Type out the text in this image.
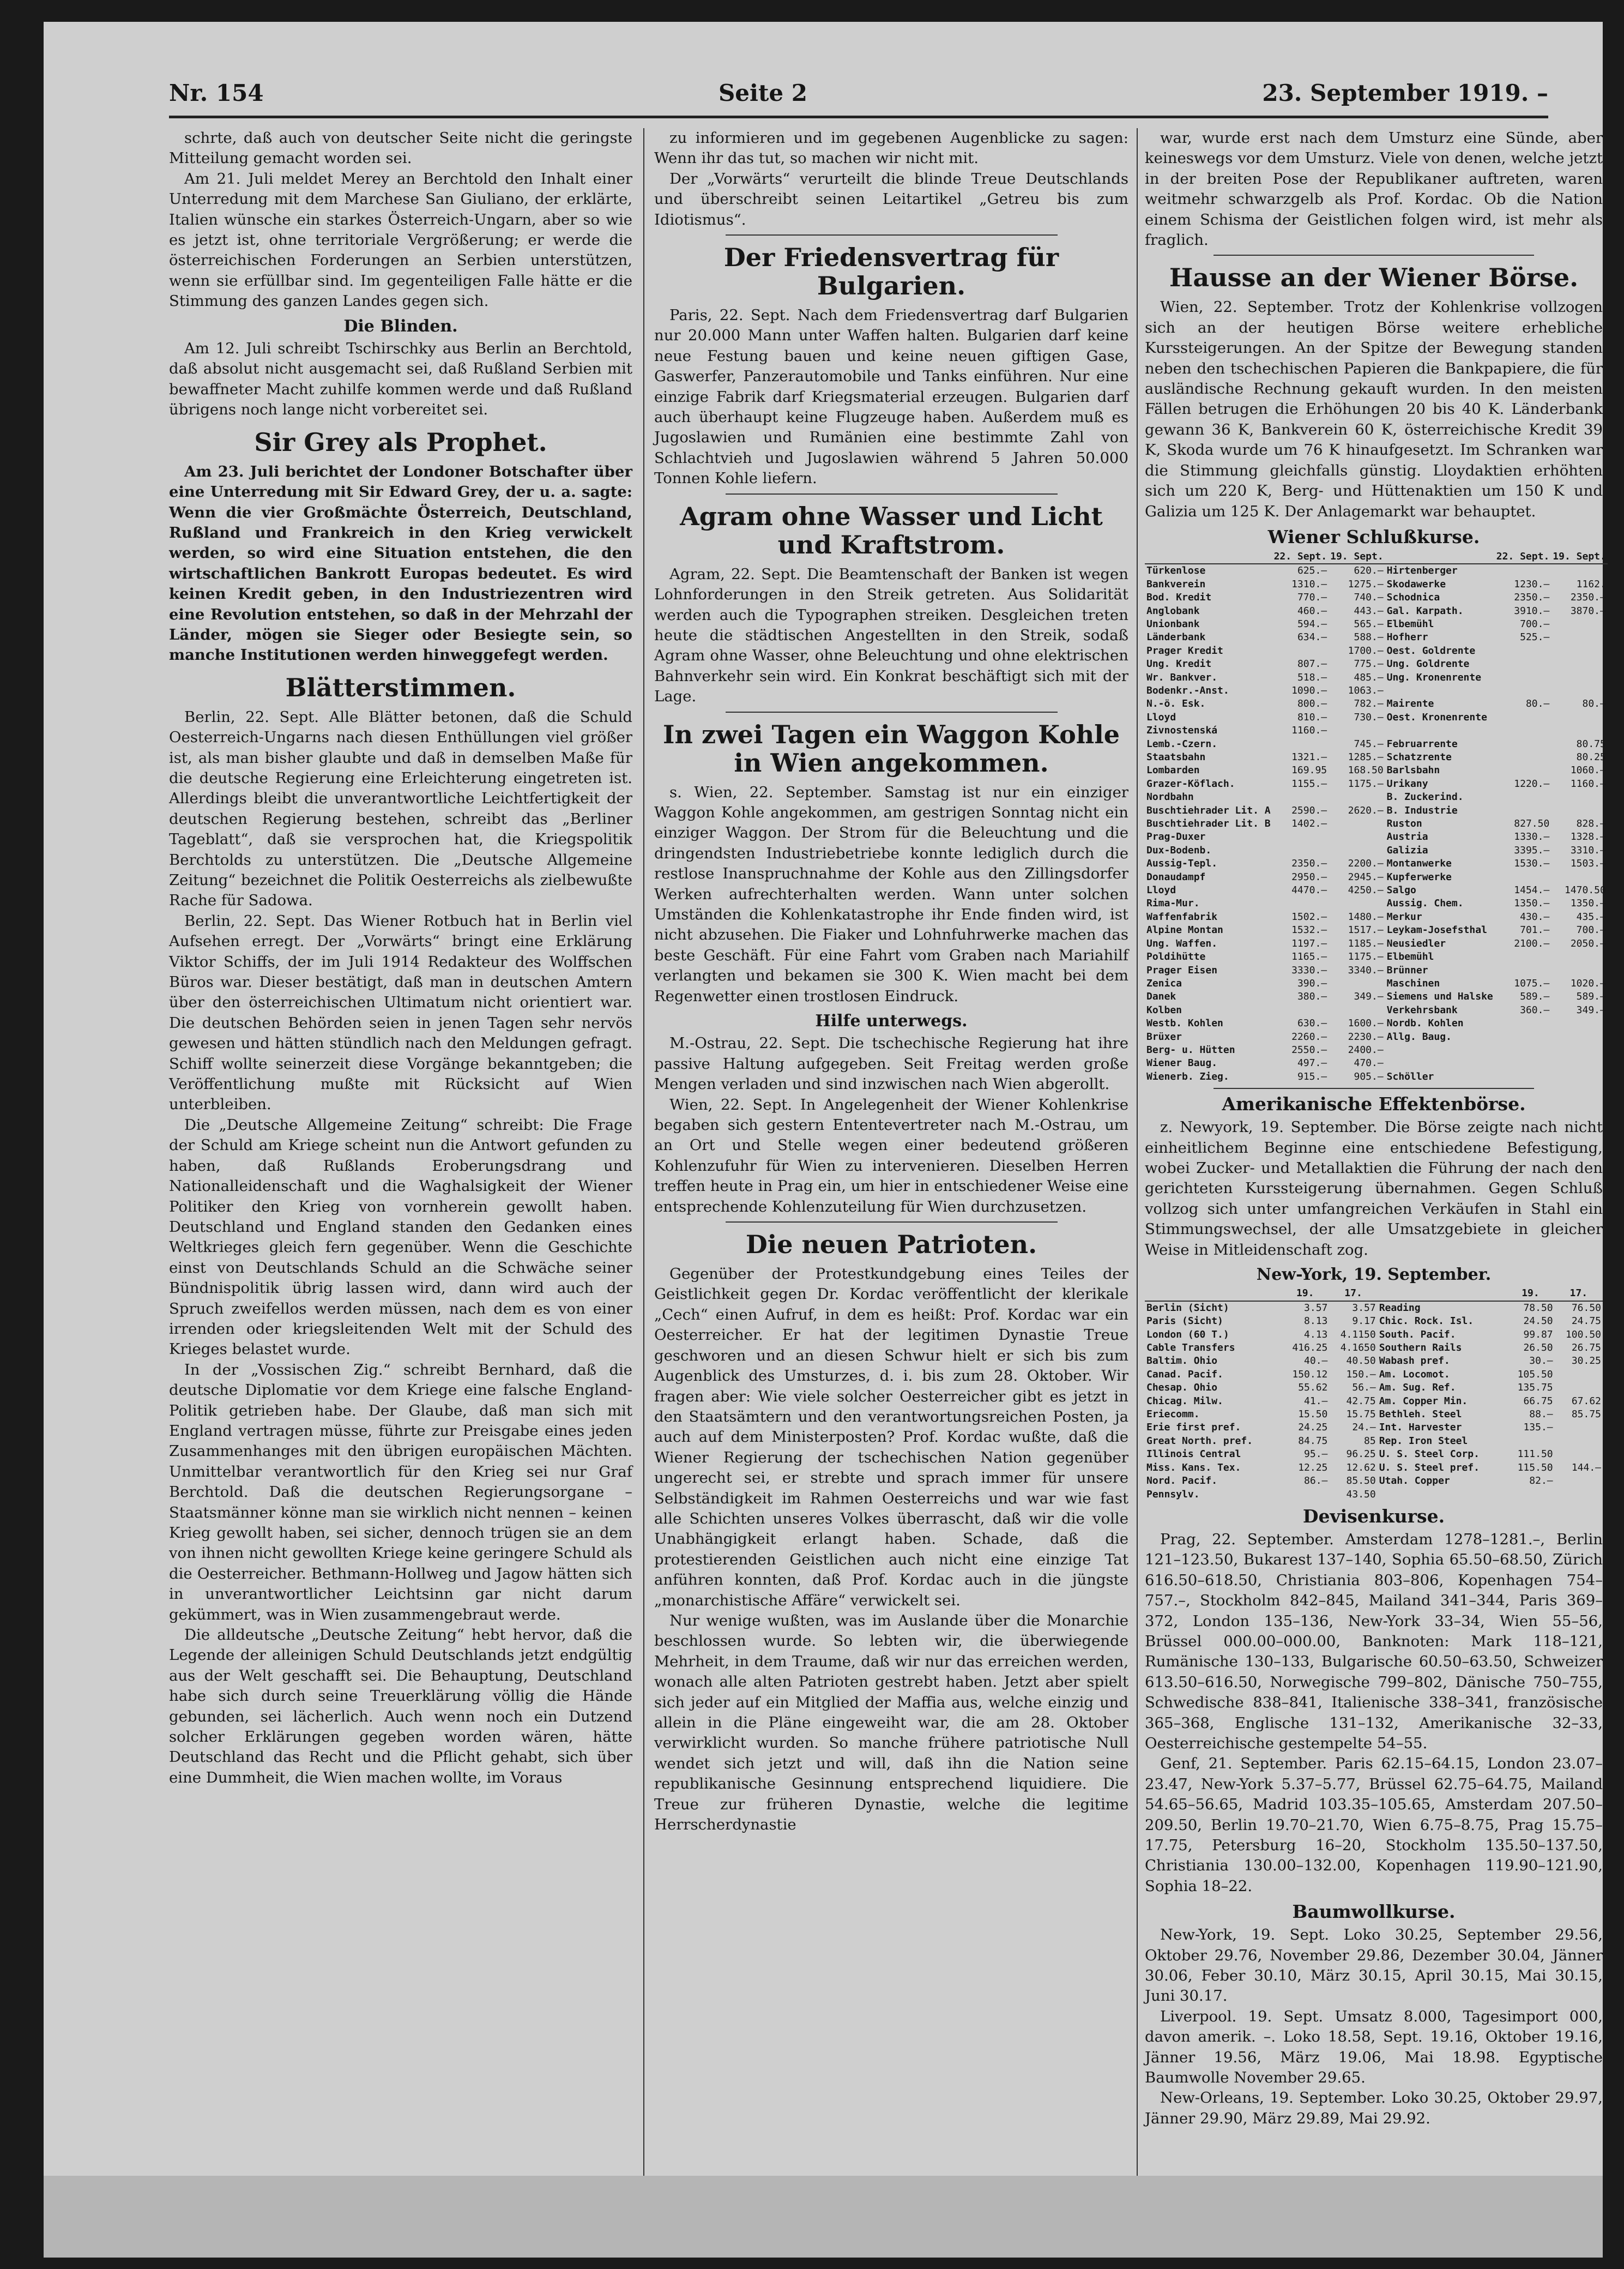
Nr. 154	Seite 2	23. September 1919. –

schrte, daß auch von deutscher Seite nicht die geringste Mitteilung gemacht worden sei.

Am 21. Juli meldet Merey an Berchtold den Inhalt einer Unterredung mit dem Marchese San Giuliano, der erklärte, Italien wünsche ein starkes Österreich-Ungarn, aber so wie es jetzt ist, ohne territoriale Vergrößerung; er werde die österreichischen Forderungen an Serbien unterstützen, wenn sie erfüllbar sind. Im gegenteiligen Falle hätte er die Stimmung des ganzen Landes gegen sich.

Die Blinden.

Am 12. Juli schreibt Tschirschky aus Berlin an Berchtold, daß absolut nicht ausgemacht sei, daß Rußland Serbien mit bewaffneter Macht zuhilfe kommen werde und daß Rußland übrigens noch lange nicht vorbereitet sei.

Sir Grey als Prophet.

Am 23. Juli berichtet der Londoner Botschafter über eine Unterredung mit Sir Edward Grey, der u. a. sagte: Wenn die vier Großmächte Österreich, Deutschland, Rußland und Frankreich in den Krieg verwickelt werden, so wird eine Situation entstehen, die den wirtschaftlichen Bankrott Europas bedeutet. Es wird keinen Kredit geben, in den Industriezentren wird eine Revolution entstehen, so daß in der Mehrzahl der Länder, mögen sie Sieger oder Besiegte sein, so manche Institutionen werden hinweggefegt werden.

Blätterstimmen.

Berlin, 22. Sept. Alle Blätter betonen, daß die Schuld Oesterreich-Ungarns nach diesen Enthüllungen viel größer ist, als man bisher glaubte und daß in demselben Maße für die deutsche Regierung eine Erleichterung eingetreten ist. Allerdings bleibt die unverantwortliche Leichtfertigkeit der deutschen Regierung bestehen, schreibt das „Berliner Tageblatt“, daß sie versprochen hat, die Kriegspolitik Berchtolds zu unterstützen. Die „Deutsche Allgemeine Zeitung“ bezeichnet die Politik Oesterreichs als zielbewußte Rache für Sadowa.

Berlin, 22. Sept. Das Wiener Rotbuch hat in Berlin viel Aufsehen erregt. Der „Vorwärts“ bringt eine Erklärung Viktor Schiffs, der im Juli 1914 Redakteur des Wolffschen Büros war. Dieser bestätigt, daß man in deutschen Amtern über den österreichischen Ultimatum nicht orientiert war. Die deutschen Behörden seien in jenen Tagen sehr nervös gewesen und hätten stündlich nach den Meldungen gefragt. Schiff wollte seinerzeit diese Vorgänge bekanntgeben; die Veröffentlichung mußte mit Rücksicht auf Wien unterbleiben.

Die „Deutsche Allgemeine Zeitung“ schreibt: Die Frage der Schuld am Kriege scheint nun die Antwort gefunden zu haben, daß Rußlands Eroberungsdrang und Nationalleidenschaft und die Waghalsigkeit der Wiener Politiker den Krieg von vornherein gewollt haben. Deutschland und England standen den Gedanken eines Weltkrieges gleich fern gegenüber. Wenn die Geschichte einst von Deutschlands Schuld an die Schwäche seiner Bündnispolitik übrig lassen wird, dann wird auch der Spruch zweifellos werden müssen, nach dem es von einer irrenden oder kriegsleitenden Welt mit der Schuld des Krieges belastet wurde.

In der „Vossischen Zig.“ schreibt Bernhard, daß die deutsche Diplomatie vor dem Kriege eine falsche England-Politik getrieben habe. Der Glaube, daß man sich mit England vertragen müsse, führte zur Preisgabe eines jeden Zusammenhanges mit den übrigen europäischen Mächten. Unmittelbar verantwortlich für den Krieg sei nur Graf Berchtold. Daß die deutschen Regierungsorgane – Staatsmänner könne man sie wirklich nicht nennen – keinen Krieg gewollt haben, sei sicher, dennoch trügen sie an dem von ihnen nicht gewollten Kriege keine geringere Schuld als die Oesterreicher. Bethmann-Hollweg und Jagow hätten sich in unverantwortlicher Leichtsinn gar nicht darum gekümmert, was in Wien zusammengebraut werde.

Die alldeutsche „Deutsche Zeitung“ hebt hervor, daß die Legende der alleinigen Schuld Deutschlands jetzt endgültig aus der Welt geschafft sei. Die Behauptung, Deutschland habe sich durch seine Treuerklärung völlig die Hände gebunden, sei lächerlich. Auch wenn noch ein Dutzend solcher Erklärungen gegeben worden wären, hätte Deutschland das Recht und die Pflicht gehabt, sich über eine Dummheit, die Wien machen wollte, im Voraus

zu informieren und im gegebenen Augenblicke zu sagen: Wenn ihr das tut, so machen wir nicht mit.

Der „Vorwärts“ verurteilt die blinde Treue Deutschlands und überschreibt seinen Leitartikel „Getreu bis zum Idiotismus“.

Der Friedensvertrag für Bulgarien.

Paris, 22. Sept. Nach dem Friedensvertrag darf Bulgarien nur 20.000 Mann unter Waffen halten. Bulgarien darf keine neue Festung bauen und keine neuen giftigen Gase, Gaswerfer, Panzerautomobile und Tanks einführen. Nur eine einzige Fabrik darf Kriegsmaterial erzeugen. Bulgarien darf auch überhaupt keine Flugzeuge haben. Außerdem muß es Jugoslawien und Rumänien eine bestimmte Zahl von Schlachtvieh und Jugoslawien während 5 Jahren 50.000 Tonnen Kohle liefern.

Agram ohne Wasser und Licht und Kraftstrom.

Agram, 22. Sept. Die Beamtenschaft der Banken ist wegen Lohnforderungen in den Streik getreten. Aus Solidarität werden auch die Typographen streiken. Desgleichen treten heute die städtischen Angestellten in den Streik, sodaß Agram ohne Wasser, ohne Beleuchtung und ohne elektrischen Bahnverkehr sein wird. Ein Konkrat beschäftigt sich mit der Lage.

In zwei Tagen ein Waggon Kohle in Wien angekommen.

s. Wien, 22. September. Samstag ist nur ein einziger Waggon Kohle angekommen, am gestrigen Sonntag nicht ein einziger Waggon. Der Strom für die Beleuchtung und die dringendsten Industriebetriebe konnte lediglich durch die restlose Inanspruchnahme der Kohle aus den Zillingsdorfer Werken aufrechterhalten werden. Wann unter solchen Umständen die Kohlenkatastrophe ihr Ende finden wird, ist nicht abzusehen. Die Fiaker und Lohnfuhrwerke machen das beste Geschäft. Für eine Fahrt vom Graben nach Mariahilf verlangten und bekamen sie 300 K. Wien macht bei dem Regenwetter einen trostlosen Eindruck.

Hilfe unterwegs.

M.-Ostrau, 22. Sept. Die tschechische Regierung hat ihre passive Haltung aufgegeben. Seit Freitag werden große Mengen verladen und sind inzwischen nach Wien abgerollt.

Wien, 22. Sept. In Angelegenheit der Wiener Kohlenkrise begaben sich gestern Ententevertreter nach M.-Ostrau, um an Ort und Stelle wegen einer bedeutend größeren Kohlenzufuhr für Wien zu intervenieren. Dieselben Herren treffen heute in Prag ein, um hier in entschiedener Weise eine entsprechende Kohlenzuteilung für Wien durchzusetzen.

Die neuen Patrioten.

Gegenüber der Protestkundgebung eines Teiles der Geistlichkeit gegen Dr. Kordac veröffentlicht der klerikale „Cech“ einen Aufruf, in dem es heißt: Prof. Kordac war ein Oesterreicher. Er hat der legitimen Dynastie Treue geschworen und an diesen Schwur hielt er sich bis zum Augenblick des Umsturzes, d. i. bis zum 28. Oktober. Wir fragen aber: Wie viele solcher Oesterreicher gibt es jetzt in den Staatsämtern und den verantwortungsreichen Posten, ja auch auf dem Ministerposten? Prof. Kordac wußte, daß die Wiener Regierung der tschechischen Nation gegenüber ungerecht sei, er strebte und sprach immer für unsere Selbständigkeit im Rahmen Oesterreichs und war wie fast alle Schichten unseres Volkes überrascht, daß wir die volle Unabhängigkeit erlangt haben. Schade, daß die protestierenden Geistlichen auch nicht eine einzige Tat anführen konnten, daß Prof. Kordac auch in die jüngste „monarchistische Affäre“ verwickelt sei.

Nur wenige wußten, was im Auslande über die Monarchie beschlossen wurde. So lebten wir, die überwiegende Mehrheit, in dem Traume, daß wir nur das erreichen werden, wonach alle alten Patrioten gestrebt haben. Jetzt aber spielt sich jeder auf ein Mitglied der Maffia aus, welche einzig und allein in die Pläne eingeweiht war, die am 28. Oktober verwirklicht wurden. So manche frühere patriotische Null wendet sich jetzt und will, daß ihn die Nation seine republikanische Gesinnung entsprechend liquidiere. Die Treue zur früheren Dynastie, welche die legitime Herrscherdynastie

war, wurde erst nach dem Umsturz eine Sünde, aber keineswegs vor dem Umsturz. Viele von denen, welche jetzt in der breiten Pose der Republikaner auftreten, waren weitmehr schwarzgelb als Prof. Kordac. Ob die Nation einem Schisma der Geistlichen folgen wird, ist mehr als fraglich.

Hausse an der Wiener Börse.

Wien, 22. September. Trotz der Kohlenkrise vollzogen sich an der heutigen Börse weitere erhebliche Kurssteigerungen. An der Spitze der Bewegung standen neben den tschechischen Papieren die Bankpapiere, die für ausländische Rechnung gekauft wurden. In den meisten Fällen betrugen die Erhöhungen 20 bis 40 K. Länderbank gewann 36 K, Bankverein 60 K, österreichische Kredit 39 K, Skoda wurde um 76 K hinaufgesetzt. Im Schranken war die Stimmung gleichfalls günstig. Lloydaktien erhöhten sich um 220 K, Berg- und Hüttenaktien um 150 K und Galizia um 125 K. Der Anlagemarkt war behauptet.

Wiener Schlußkurse.
	22. Sept.	19. Sept.		22. Sept.	19. Sept.
Türkenlose	625.–	620.–	Hirtenberger		
Bankverein	1310.–	1275.–	Skodawerke	1230.–	1162.
Bod. Kredit	770.–	740.–	Schodnica	2350.–	2350.–
Anglobank	460.–	443.–	Gal. Karpath.	3910.–	3870.–
Unionbank	594.–	565.–	Elbemühl	700.–	
Länderbank	634.–	588.–	Hofherr	525.–	
Prager Kredit		1700.–	Oest. Goldrente		
Ung. Kredit	807.–	775.–	Ung. Goldrente		
Wr. Bankver.	518.–	485.–	Ung. Kronenrente		
Bodenkr.-Anst.	1090.–	1063.–			
N.-ö. Esk.	800.–	782.–	Mairente	80.–	80.–
Lloyd	810.–	730.–	Oest. Kronenrente		
Zivnostenská	1160.–				
Lemb.-Czern.		745.–	Februarrente		80.75
Staatsbahn	1321.–	1285.–	Schatzrente		80.25
Lombarden	169.95	168.50	Barlsbahn		1060.–
Grazer-Köflach.	1155.–	1175.–	Urikany	1220.–	1160.–
Nordbahn			B. Zuckerind.		
Buschtiehrader Lit. A	2590.–	2620.–	B. Industrie		
Buschtiehrader Lit. B	1402.–		Ruston	827.50	828.–
Prag-Duxer			Austria	1330.–	1328.–
Dux-Bodenb.			Galizia	3395.–	3310.–
Aussig-Tepl.	2350.–	2200.–	Montanwerke	1530.–	1503.–
Donaudampf	2950.–	2945.–	Kupferwerke		
Lloyd	4470.–	4250.–	Salgo	1454.–	1470.50
Rima-Mur.			Aussig. Chem.	1350.–	1350.–
Waffenfabrik	1502.–	1480.–	Merkur	430.–	435.–
Alpine Montan	1532.–	1517.–	Leykam-Josefsthal	701.–	700.–
Ung. Waffen.	1197.–	1185.–	Neusiedler	2100.–	2050.–
Poldihütte	1165.–	1175.–	Elbemühl		
Prager Eisen	3330.–	3340.–	Brünner		
Zenica	390.–		Maschinen	1075.–	1020.–
Danek	380.–	349.–	Siemens und Halske	589.–	589.–
Kolben			Verkehrsbank	360.–	349.–
Westb. Kohlen	630.–	1600.–	Nordb. Kohlen		
Brüxer	2260.–	2230.–	Allg. Baug.		
Berg- u. Hütten	2550.–	2400.–			
Wiener Baug.	497.–	470.–			
Wienerb. Zieg.	915.–	905.–	Schöller		
Amerikanische Effektenbörse.

z. Newyork, 19. September. Die Börse zeigte nach nicht einheitlichem Beginne eine entschiedene Befestigung, wobei Zucker- und Metallaktien die Führung der nach den gerichteten Kurssteigerung übernahmen. Gegen Schluß vollzog sich unter umfangreichen Verkäufen in Stahl ein Stimmungswechsel, der alle Umsatzgebiete in gleicher Weise in Mitleidenschaft zog.

New-York, 19. September.
	19.	17.		19.	17.
Berlin (Sicht)	3.57	3.57	Reading	78.50	76.50
Paris (Sicht)	8.13	9.17	Chic. Rock. Isl.	24.50	24.75
London (60 T.)	4.13	4.1150	South. Pacif.	99.87	100.50
Cable Transfers	416.25	4.1650	Southern Rails	26.50	26.75
Baltim. Ohio	40.–	40.50	Wabash pref.	30.–	30.25
Canad. Pacif.	150.12	150.–	Am. Locomot.	105.50	
Chesap. Ohio	55.62	56.–	Am. Sug. Ref.	135.75	
Chicag. Milw.	41.–	42.75	Am. Copper Min.	66.75	67.62
Eriecomm.	15.50	15.75	Bethleh. Steel	88.–	85.75
Erie first pref.	24.25	24.–	Int. Harvester	135.–	
Great North. pref.	84.75	85	Rep. Iron Steel		
Illinois Central	95.–	96.25	U. S. Steel Corp.	111.50	
Miss. Kans. Tex.	12.25	12.62	U. S. Steel pref.	115.50	144.–
Nord. Pacif.	86.–	85.50	Utah. Copper	82.–	
Pennsylv.		43.50			
Devisenkurse.

Prag, 22. September. Amsterdam 1278–1281.–, Berlin 121–123.50, Bukarest 137–140, Sophia 65.50–68.50, Zürich 616.50–618.50, Christiania 803–806, Kopenhagen 754–757.–, Stockholm 842–845, Mailand 341–344, Paris 369–372, London 135–136, New-York 33–34, Wien 55–56, Brüssel 000.00–000.00, Banknoten: Mark 118–121, Rumänische 130–133, Bulgarische 60.50–63.50, Schweizer 613.50–616.50, Norwegische 799–802, Dänische 750–755, Schwedische 838–841, Italienische 338–341, französische 365–368, Englische 131–132, Amerikanische 32–33, Oesterreichische gestempelte 54–55.

Genf, 21. September. Paris 62.15–64.15, London 23.07–23.47, New-York 5.37–5.77, Brüssel 62.75–64.75, Mailand 54.65–56.65, Madrid 103.35–105.65, Amsterdam 207.50–209.50, Berlin 19.70–21.70, Wien 6.75–8.75, Prag 15.75–17.75, Petersburg 16–20, Stockholm 135.50–137.50, Christiania 130.00–132.00, Kopenhagen 119.90–121.90, Sophia 18–22.

Baumwollkurse.

New-York, 19. Sept. Loko 30.25, September 29.56, Oktober 29.76, November 29.86, Dezember 30.04, Jänner 30.06, Feber 30.10, März 30.15, April 30.15, Mai 30.15, Juni 30.17.

Liverpool. 19. Sept. Umsatz 8.000, Tagesimport 000, davon amerik. –. Loko 18.58, Sept. 19.16, Oktober 19.16, Jänner 19.56, März 19.06, Mai 18.98. Egyptische Baumwolle November 29.65.

New-Orleans, 19. September. Loko 30.25, Oktober 29.97, Jänner 29.90, März 29.89, Mai 29.92.
